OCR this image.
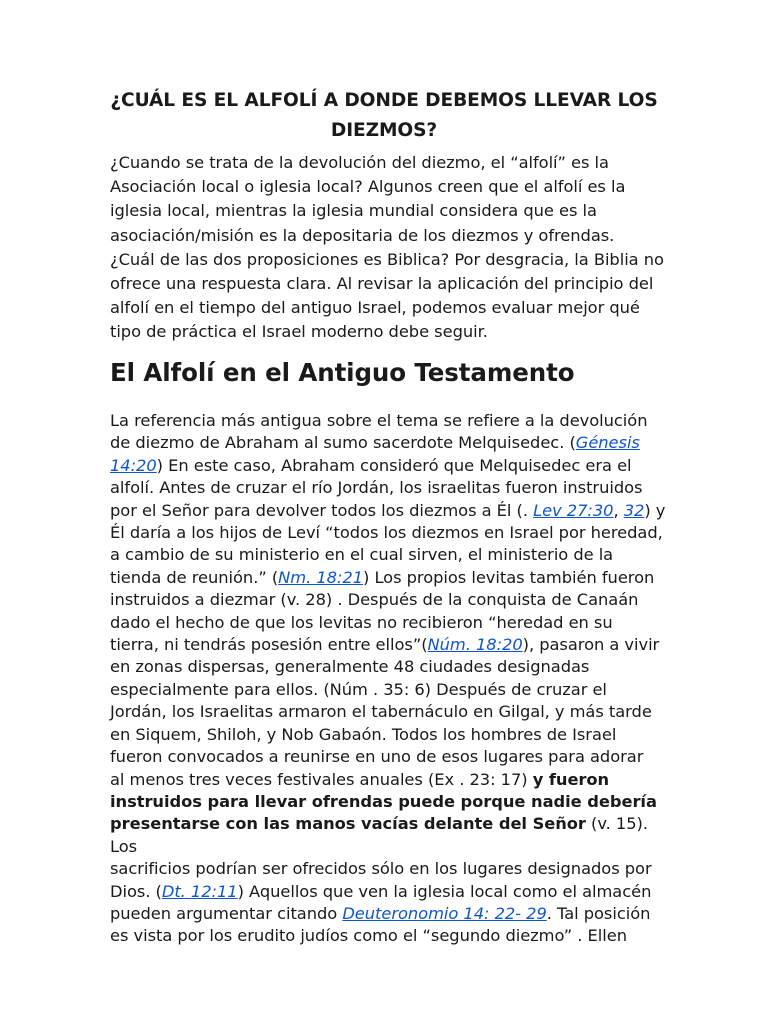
¿CUÁL ES EL ALFOLÍ A DONDE DEBEMOS LLEVAR LOS
DIEZMOS?

¿Cuando se trata de la devolución del diezmo, el “alfolí” es la
Asociación local o iglesia local? Algunos creen que el alfolí es la
iglesia local, mientras la iglesia mundial considera que es la
asociación/misión es la depositaria de los diezmos y ofrendas.
¿Cuál de las dos proposiciones es Biblica? Por desgracia, la Biblia no
ofrece una respuesta clara. Al revisar la aplicación del principio del
alfolí en el tiempo del antiguo Israel, podemos evaluar mejor qué
tipo de práctica el Israel moderno debe seguir.

El Alfolí en el Antiguo Testamento

La referencia más antigua sobre el tema se refiere a la devolución
de diezmo de Abraham al sumo sacerdote Melquisedec. (Génesis
14:20) En este caso, Abraham consideró que Melquisedec era el
alfolí. Antes de cruzar el río Jordán, los israelitas fueron instruidos
por el Señor para devolver todos los diezmos a Él (. Lev 27:30, 32) y
Él daría a los hijos de Leví “todos los diezmos en Israel por heredad,
a cambio de su ministerio en el cual sirven, el ministerio de la
tienda de reunión.” (Nm. 18:21) Los propios levitas también fueron
instruidos a diezmar (v. 28) . Después de la conquista de Canaán
dado el hecho de que los levitas no recibieron “heredad en su
tierra, ni tendrás posesión entre ellos”(Núm. 18:20), pasaron a vivir
en zonas dispersas, generalmente 48 ciudades designadas
especialmente para ellos. (Núm . 35: 6) Después de cruzar el
Jordán, los Israelitas armaron el tabernáculo en Gilgal, y más tarde
en Siquem, Shiloh, y Nob Gabaón. Todos los hombres de Israel
fueron convocados a reunirse en uno de esos lugares para adorar
al menos tres veces festivales anuales (Ex . 23: 17) y fueron
instruidos para llevar ofrendas puede porque nadie debería
presentarse con las manos vacías delante del Señor (v. 15). Los
sacrificios podrían ser ofrecidos sólo en los lugares designados por
Dios. (Dt. 12:11) Aquellos que ven la iglesia local como el almacén
pueden argumentar citando Deuteronomio 14: 22- 29. Tal posición
es vista por los erudito judíos como el “segundo diezmo” . Ellen
